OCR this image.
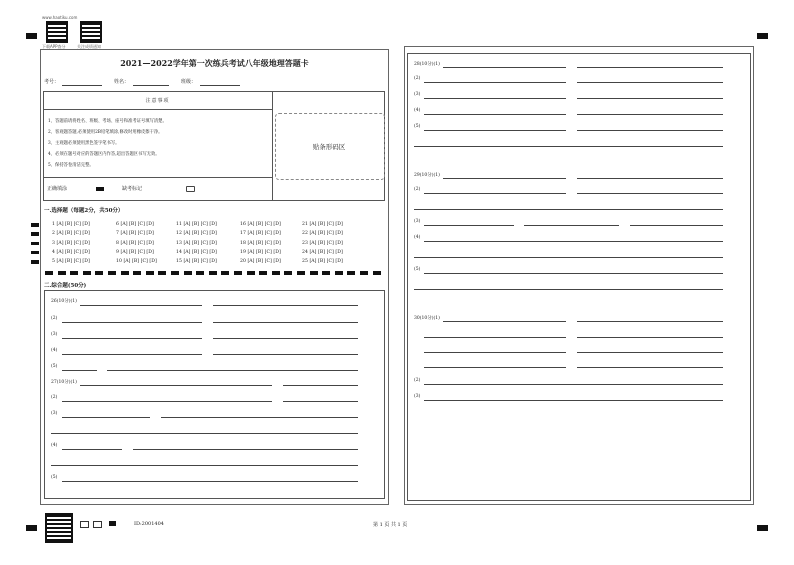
www.haotiku.com
下载APP查分	关注成绩通知
2021—2022学年第一次练兵考试八年级地理答题卡
考号：	姓名：	班级：
注意事项
1、答题前请将姓名、班级、考场、座号和准考证号填写清楚。
2、客观题答题,必须使用2B铅笔填涂,修改时用橡皮擦干净。
3、主观题必须使用黑色签字笔书写。
4、必须在题号对应的答题区内作答,超出答题区书写无效。
5、保持答卷清洁完整。
正确填涂	缺考标记
贴条形码区
一.选择题（每题2分，共50分）
1 [A] [B] [C] [D]	6 [A] [B] [C] [D]	11 [A] [B] [C] [D]	16 [A] [B] [C] [D]	21 [A] [B] [C] [D]
2 [A] [B] [C] [D]	7 [A] [B] [C] [D]	12 [A] [B] [C] [D]	17 [A] [B] [C] [D]	22 [A] [B] [C] [D]
3 [A] [B] [C] [D]	8 [A] [B] [C] [D]	13 [A] [B] [C] [D]	18 [A] [B] [C] [D]	23 [A] [B] [C] [D]
4 [A] [B] [C] [D]	9 [A] [B] [C] [D]	14 [A] [B] [C] [D]	19 [A] [B] [C] [D]	24 [A] [B] [C] [D]
5 [A] [B] [C] [D]	10 [A] [B] [C] [D]	15 [A] [B] [C] [D]	20 [A] [B] [C] [D]	25 [A] [B] [C] [D]
二.综合题(50分)
26(10分)(1)
(2)
(3)
(4)
(5)
27(10分)(1)
(2)
(3)
(4)
(5)
28(10分)(1)
(2)
(3)
(4)
(5)
29(10分)(1)
(2)
(3)
(4)
(5)
30(10分)(1)
(2)
(3)
ID:2001404	第 1 页 共 1 页
